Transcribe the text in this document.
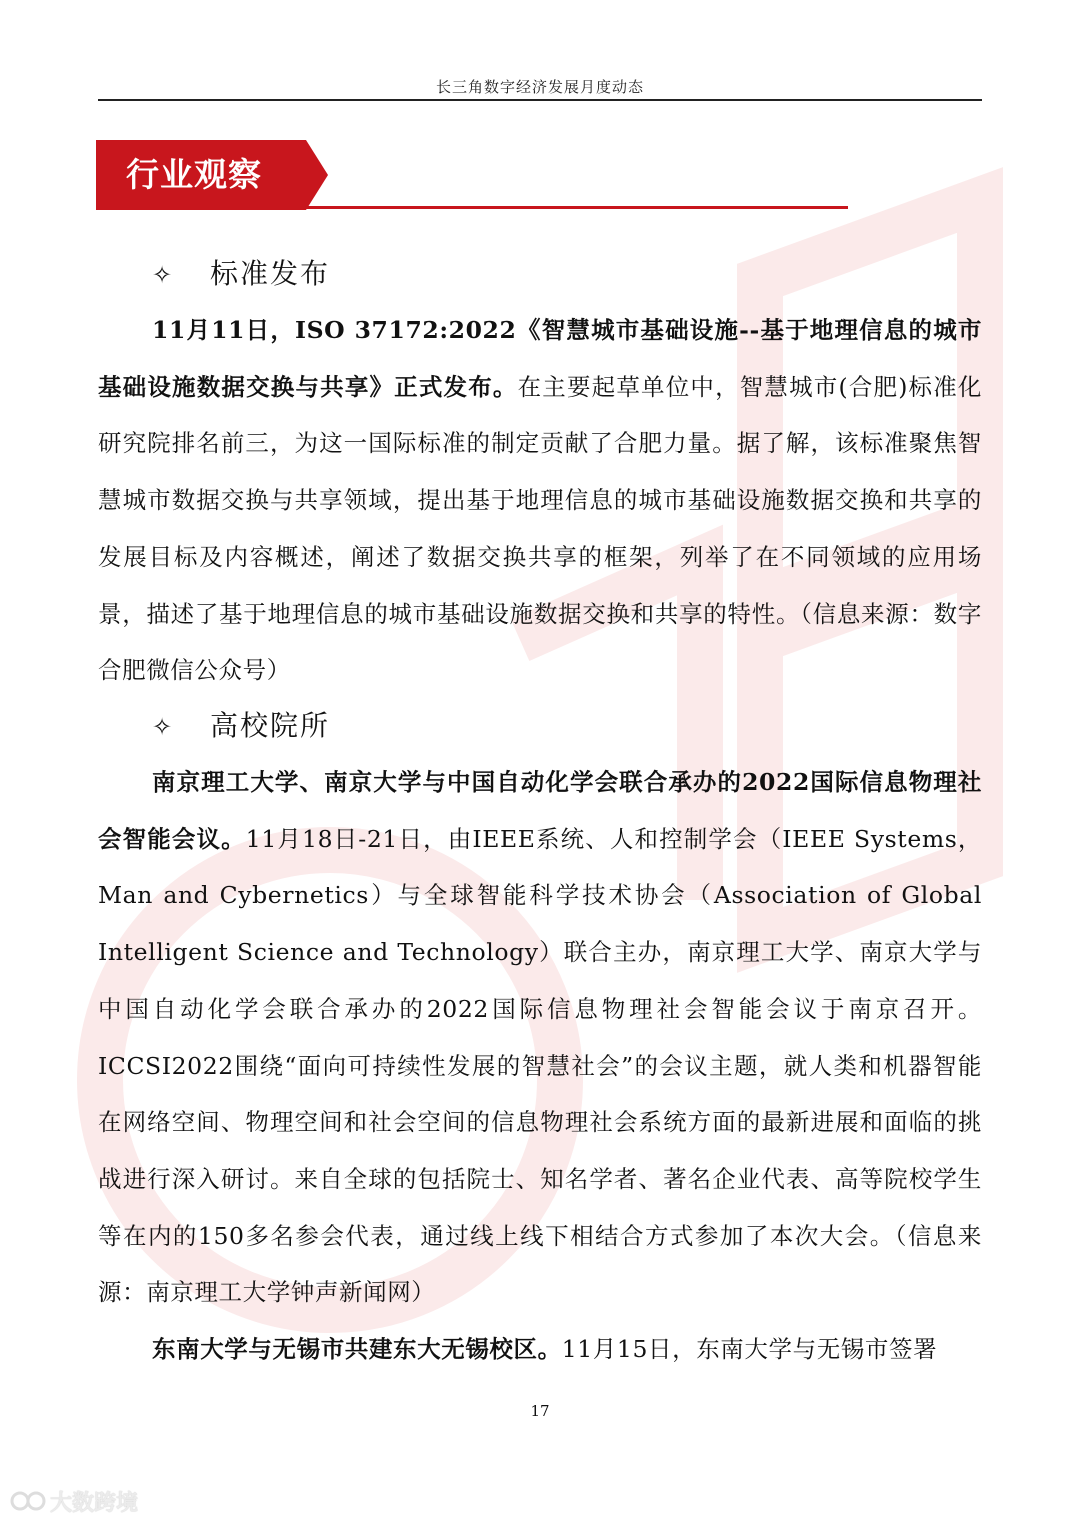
长三角数字经济发展月度动态
行业观察
✧ 标准发布

11月11日，ISO 37172:2022《智慧城市基础设施--基于地理信息的城市基础设施数据交换与共享》正式发布。在主要起草单位中，智慧城市(合肥)标准化研究院排名前三，为这一国际标准的制定贡献了合肥力量。据了解，该标准聚焦智慧城市数据交换与共享领域，提出基于地理信息的城市基础设施数据交换和共享的发展目标及内容概述，阐述了数据交换共享的框架，列举了在不同领域的应用场景，描述了基于地理信息的城市基础设施数据交换和共享的特性。（信息来源：数字合肥微信公众号）

✧ 高校院所

南京理工大学、南京大学与中国自动化学会联合承办的2022国际信息物理社会智能会议。11月18日-21日，由IEEE系统、人和控制学会（IEEE Systems，Man and Cybernetics）与全球智能科学技术协会（Association of Global Intelligent Science and Technology）联合主办，南京理工大学、南京大学与中国自动化学会联合承办的2022国际信息物理社会智能会议于南京召开。ICCSI2022围绕“面向可持续性发展的智慧社会”的会议主题，就人类和机器智能在网络空间、物理空间和社会空间的信息物理社会系统方面的最新进展和面临的挑战进行深入研讨。来自全球的包括院士、知名学者、著名企业代表、高等院校学生等在内的150多名参会代表，通过线上线下相结合方式参加了本次大会。（信息来源：南京理工大学钟声新闻网）

东南大学与无锡市共建东大无锡校区。11月15日，东南大学与无锡市签署

17
大数跨境
